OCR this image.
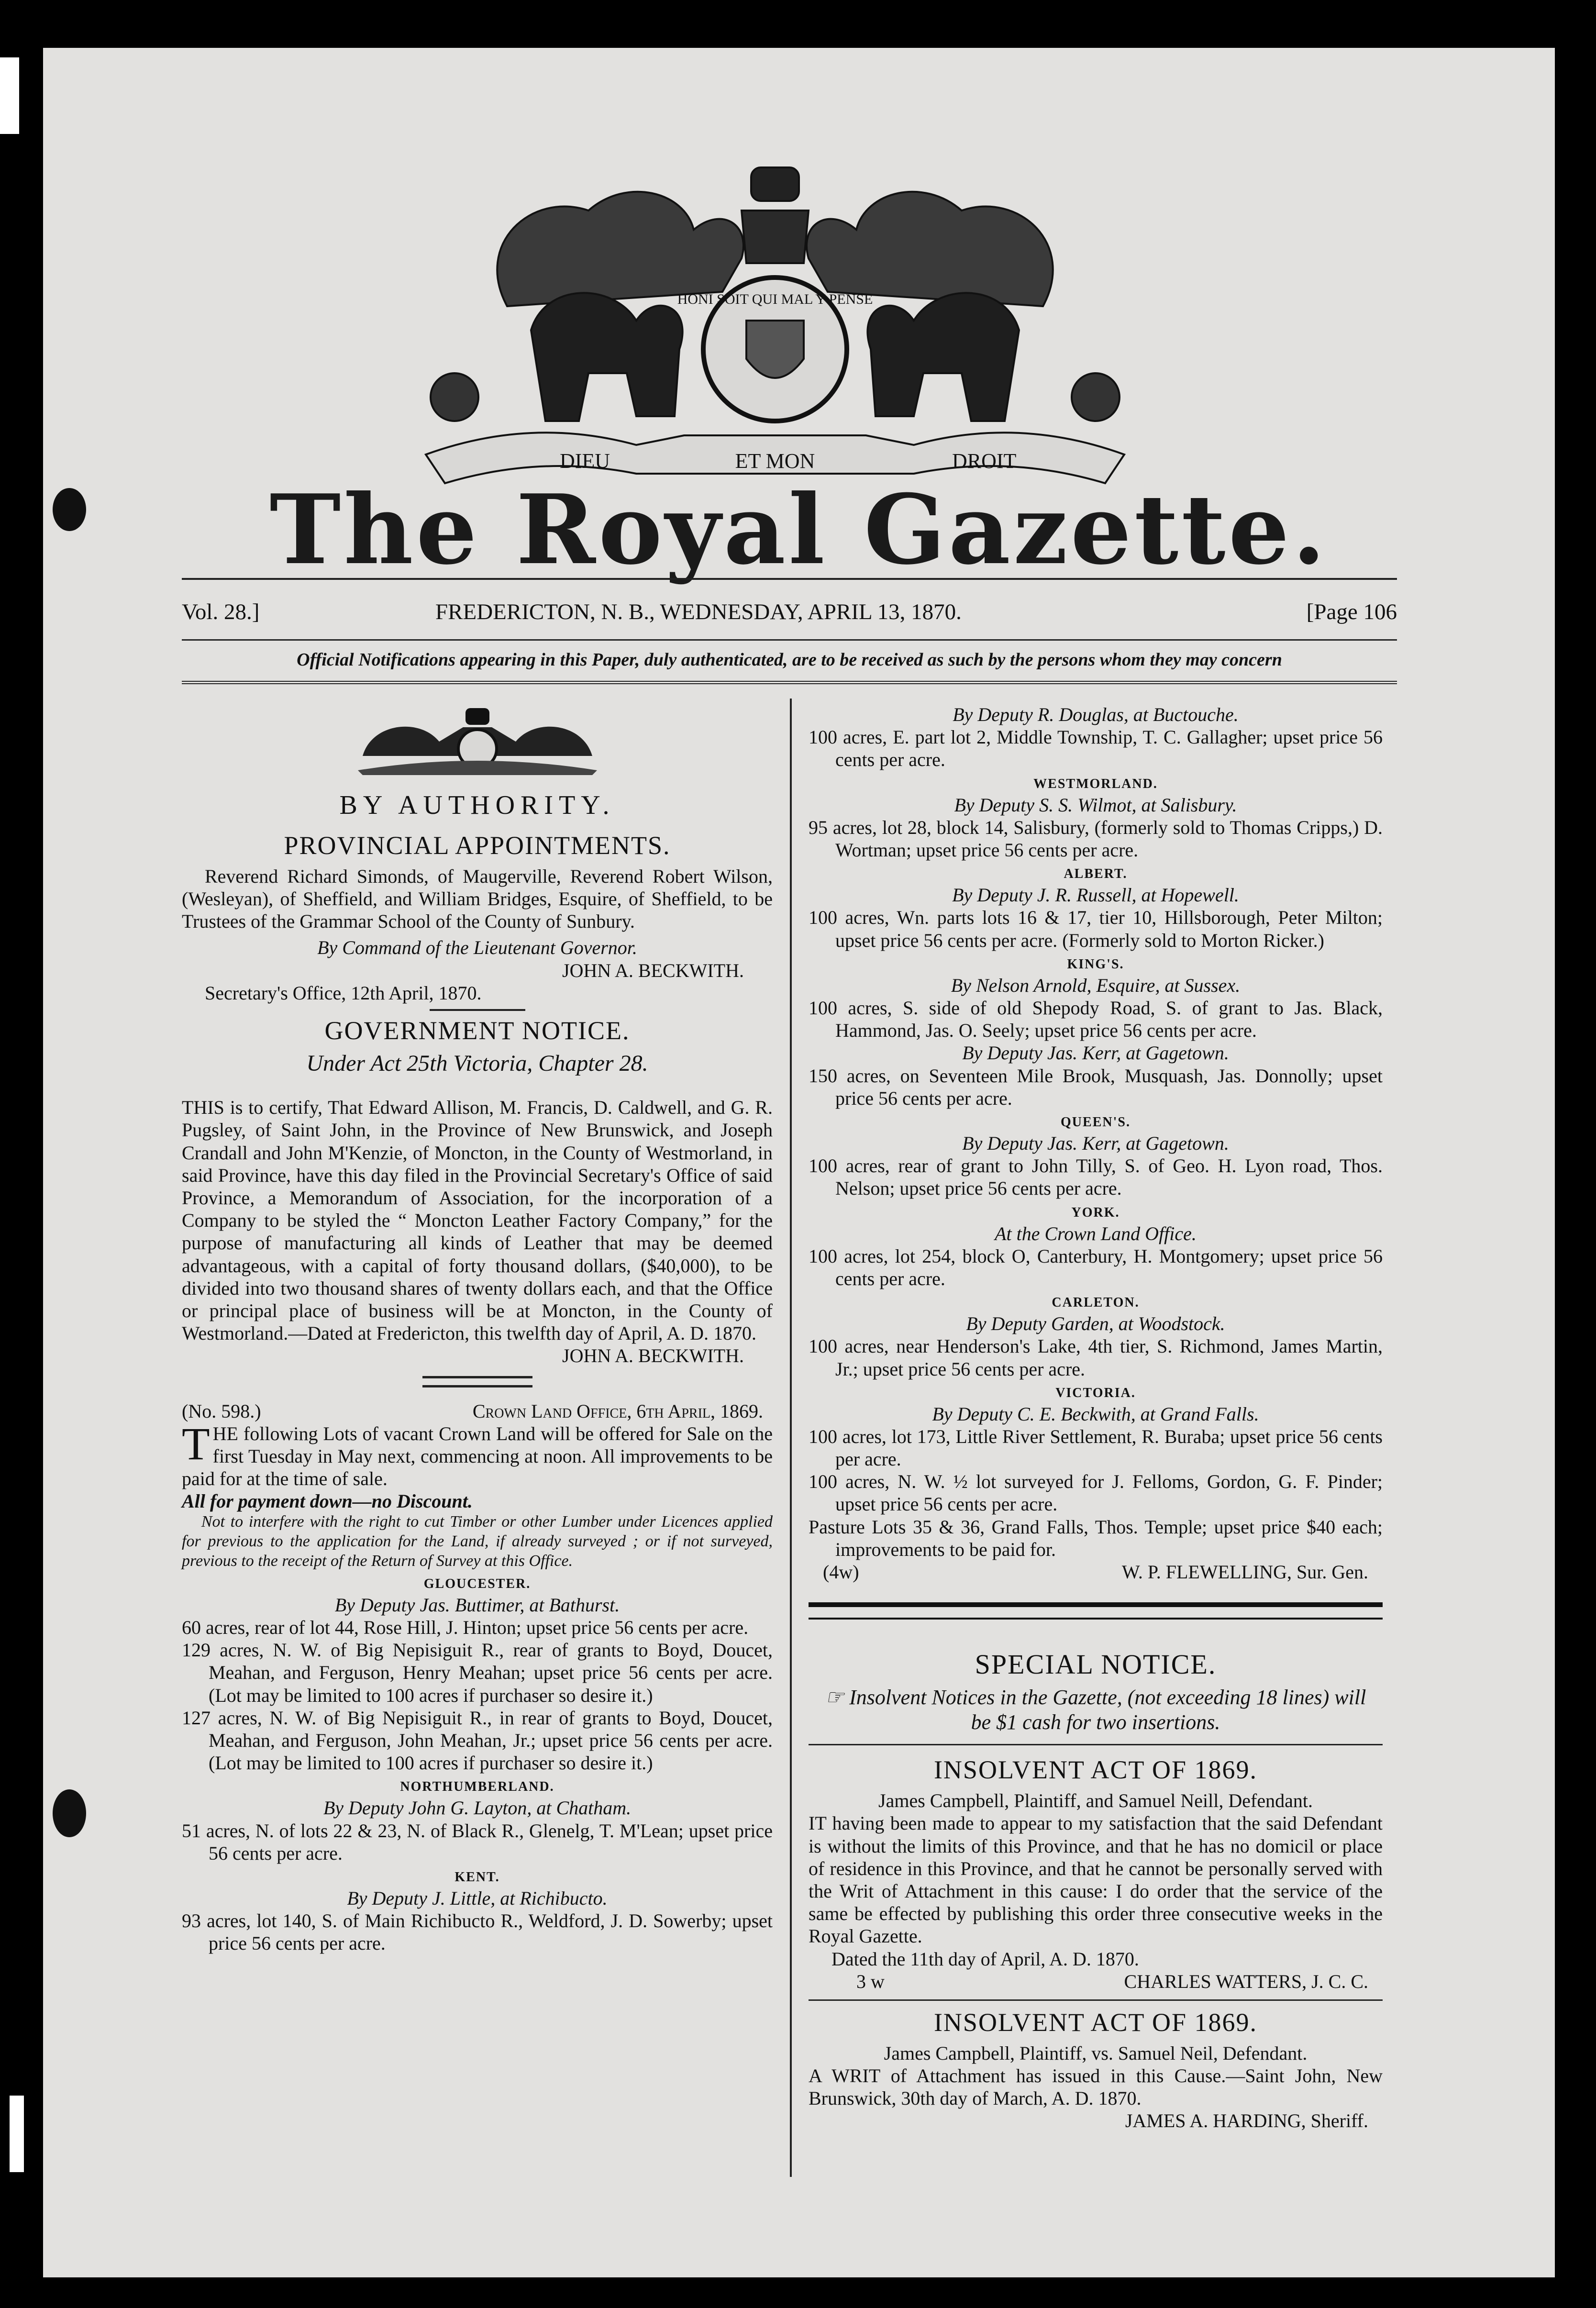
HONI SOIT QUI MAL Y PENSE
DIEU	ET MON	DROIT
The Royal Gazette.
Vol. 28.]	FREDERICTON, N. B., WEDNESDAY, APRIL 13, 1870.	[Page 106
Official Notifications appearing in this Paper, duly authenticated, are to be received as such by the persons whom they may concern
BY AUTHORITY.
PROVINCIAL APPOINTMENTS.

Reverend Richard Simonds, of Maugerville, Reverend Robert Wilson, (Wesleyan), of Sheffield, and William Bridges, Esquire, of Sheffield, to be Trustees of the Grammar School of the County of Sunbury.

By Command of the Lieutenant Governor.

JOHN A. BECKWITH.

Secretary's Office, 12th April, 1870.

GOVERNMENT NOTICE.

Under Act 25th Victoria, Chapter 28.

THIS is to certify, That Edward Allison, M. Francis, D. Caldwell, and G. R. Pugsley, of Saint John, in the Province of New Brunswick, and Joseph Crandall and John M'Kenzie, of Moncton, in the County of Westmorland, in said Province, have this day filed in the Provincial Secretary's Office of said Province, a Memorandum of Association, for the incorporation of a Company to be styled the “ Moncton Leather Factory Company,” for the purpose of manufacturing all kinds of Leather that may be deemed advantageous, with a capital of forty thousand dollars, ($40,000), to be divided into two thousand shares of twenty dollars each, and that the Office or principal place of business will be at Moncton, in the County of Westmorland.—Dated at Fredericton, this twelfth day of April, A. D. 1870.

JOHN A. BECKWITH.

(No. 598.)	Crown Land Office, 6th April, 1869.

THE following Lots of vacant Crown Land will be offered for Sale on the first Tuesday in May next, commencing at noon. All improvements to be paid for at the time of sale.

All for payment down—no Discount.

Not to interfere with the right to cut Timber or other Lumber under Licences applied for previous to the application for the Land, if already surveyed ; or if not surveyed, previous to the receipt of the Return of Survey at this Office.

GLOUCESTER.

By Deputy Jas. Buttimer, at Bathurst.

60 acres, rear of lot 44, Rose Hill, J. Hinton; upset price 56 cents per acre.

129 acres, N. W. of Big Nepisiguit R., rear of grants to Boyd, Doucet, Meahan, and Ferguson, Henry Meahan; upset price 56 cents per acre. (Lot may be limited to 100 acres if purchaser so desire it.)

127 acres, N. W. of Big Nepisiguit R., in rear of grants to Boyd, Doucet, Meahan, and Ferguson, John Meahan, Jr.; upset price 56 cents per acre. (Lot may be limited to 100 acres if purchaser so desire it.)

NORTHUMBERLAND.

By Deputy John G. Layton, at Chatham.

51 acres, N. of lots 22 & 23, N. of Black R., Glenelg, T. M'Lean; upset price 56 cents per acre.

KENT.

By Deputy J. Little, at Richibucto.

93 acres, lot 140, S. of Main Richibucto R., Weldford, J. D. Sowerby; upset price 56 cents per acre.

By Deputy R. Douglas, at Buctouche.

100 acres, E. part lot 2, Middle Township, T. C. Gallagher; upset price 56 cents per acre.

WESTMORLAND.

By Deputy S. S. Wilmot, at Salisbury.

95 acres, lot 28, block 14, Salisbury, (formerly sold to Thomas Cripps,) D. Wortman; upset price 56 cents per acre.

ALBERT.

By Deputy J. R. Russell, at Hopewell.

100 acres, Wn. parts lots 16 & 17, tier 10, Hillsborough, Peter Milton; upset price 56 cents per acre. (Formerly sold to Morton Ricker.)

KING'S.

By Nelson Arnold, Esquire, at Sussex.

100 acres, S. side of old Shepody Road, S. of grant to Jas. Black, Hammond, Jas. O. Seely; upset price 56 cents per acre.

By Deputy Jas. Kerr, at Gagetown.

150 acres, on Seventeen Mile Brook, Musquash, Jas. Donnolly; upset price 56 cents per acre.

QUEEN'S.

By Deputy Jas. Kerr, at Gagetown.

100 acres, rear of grant to John Tilly, S. of Geo. H. Lyon road, Thos. Nelson; upset price 56 cents per acre.

YORK.

At the Crown Land Office.

100 acres, lot 254, block O, Canterbury, H. Montgomery; upset price 56 cents per acre.

CARLETON.

By Deputy Garden, at Woodstock.

100 acres, near Henderson's Lake, 4th tier, S. Richmond, James Martin, Jr.; upset price 56 cents per acre.

VICTORIA.

By Deputy C. E. Beckwith, at Grand Falls.

100 acres, lot 173, Little River Settlement, R. Buraba; upset price 56 cents per acre.

100 acres, N. W. ½ lot surveyed for J. Felloms, Gordon, G. F. Pinder; upset price 56 cents per acre.

Pasture Lots 35 & 36, Grand Falls, Thos. Temple; upset price $40 each; improvements to be paid for.

(4w)	W. P. FLEWELLING, Sur. Gen.
SPECIAL NOTICE.

☞ Insolvent Notices in the Gazette, (not exceeding 18 lines) will be $1 cash for two insertions.

INSOLVENT ACT OF 1869.

James Campbell, Plaintiff, and Samuel Neill, Defendant.

IT having been made to appear to my satisfaction that the said Defendant is without the limits of this Province, and that he has no domicil or place of residence in this Province, and that he cannot be personally served with the Writ of Attachment in this cause: I do order that the service of the same be effected by publishing this order three consecutive weeks in the Royal Gazette.

Dated the 11th day of April, A. D. 1870.

3 w	CHARLES WATTERS, J. C. C.
INSOLVENT ACT OF 1869.

James Campbell, Plaintiff, vs. Samuel Neil, Defendant.

A WRIT of Attachment has issued in this Cause.—Saint John, New Brunswick, 30th day of March, A. D. 1870.

JAMES A. HARDING, Sheriff.
